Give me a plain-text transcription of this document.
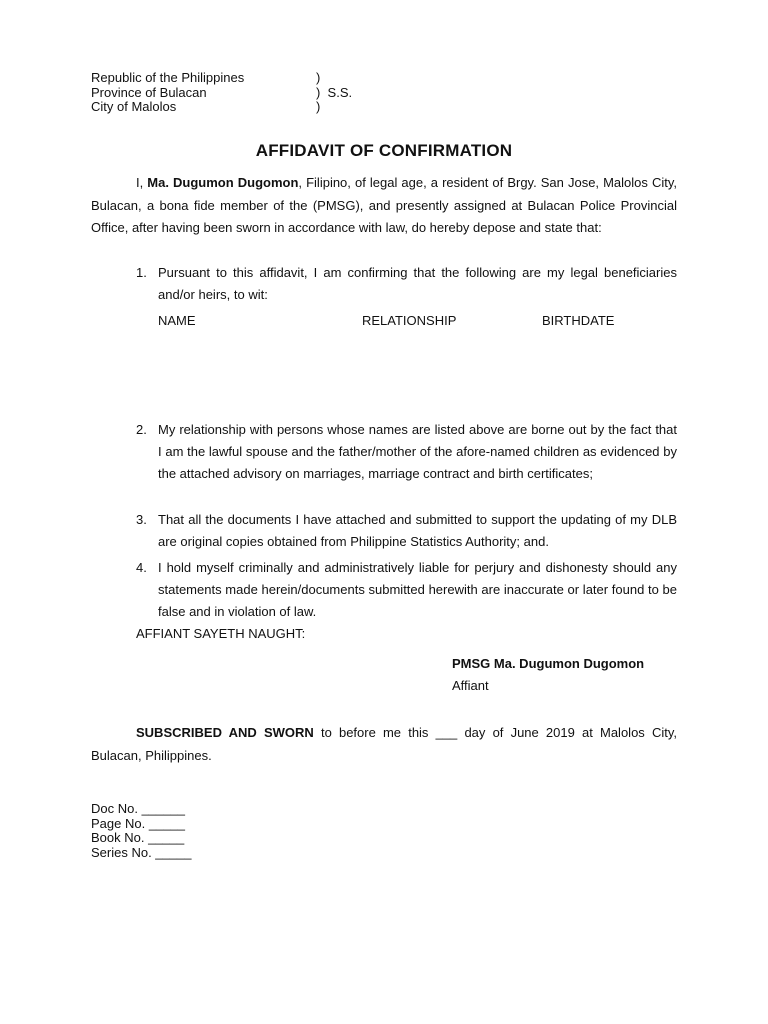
Republic of the Philippines	)
Province of Bulacan	)  S.S.
City of Malolos	)
AFFIDAVIT OF CONFIRMATION
I, Ma. Dugumon Dugomon, Filipino, of legal age, a resident of Brgy. San Jose, Malolos City, Bulacan, a bona fide member of the (PMSG), and presently assigned at Bulacan Police Provincial Office, after having been sworn in accordance with law, do hereby depose and state that:
1. Pursuant to this affidavit, I am confirming that the following are my legal beneficiaries and/or heirs, to wit:
NAME	RELATIONSHIP	BIRTHDATE
2. My relationship with persons whose names are listed above are borne out by the fact that I am the lawful spouse and the father/mother of the afore-named children as evidenced by the attached advisory on marriages, marriage contract and birth certificates;
3. That all the documents I have attached and submitted to support the updating of my DLB are original copies obtained from Philippine Statistics Authority; and.
4. I hold myself criminally and administratively liable for perjury and dishonesty should any statements made herein/documents submitted herewith are inaccurate or later found to be false and in violation of law.
AFFIANT SAYETH NAUGHT:
PMSG Ma. Dugumon Dugomon
Affiant
SUBSCRIBED AND SWORN to before me this ___ day of June 2019 at Malolos City, Bulacan, Philippines.
Doc No. ______
Page No. _____
Book No. _____
Series No. _____
